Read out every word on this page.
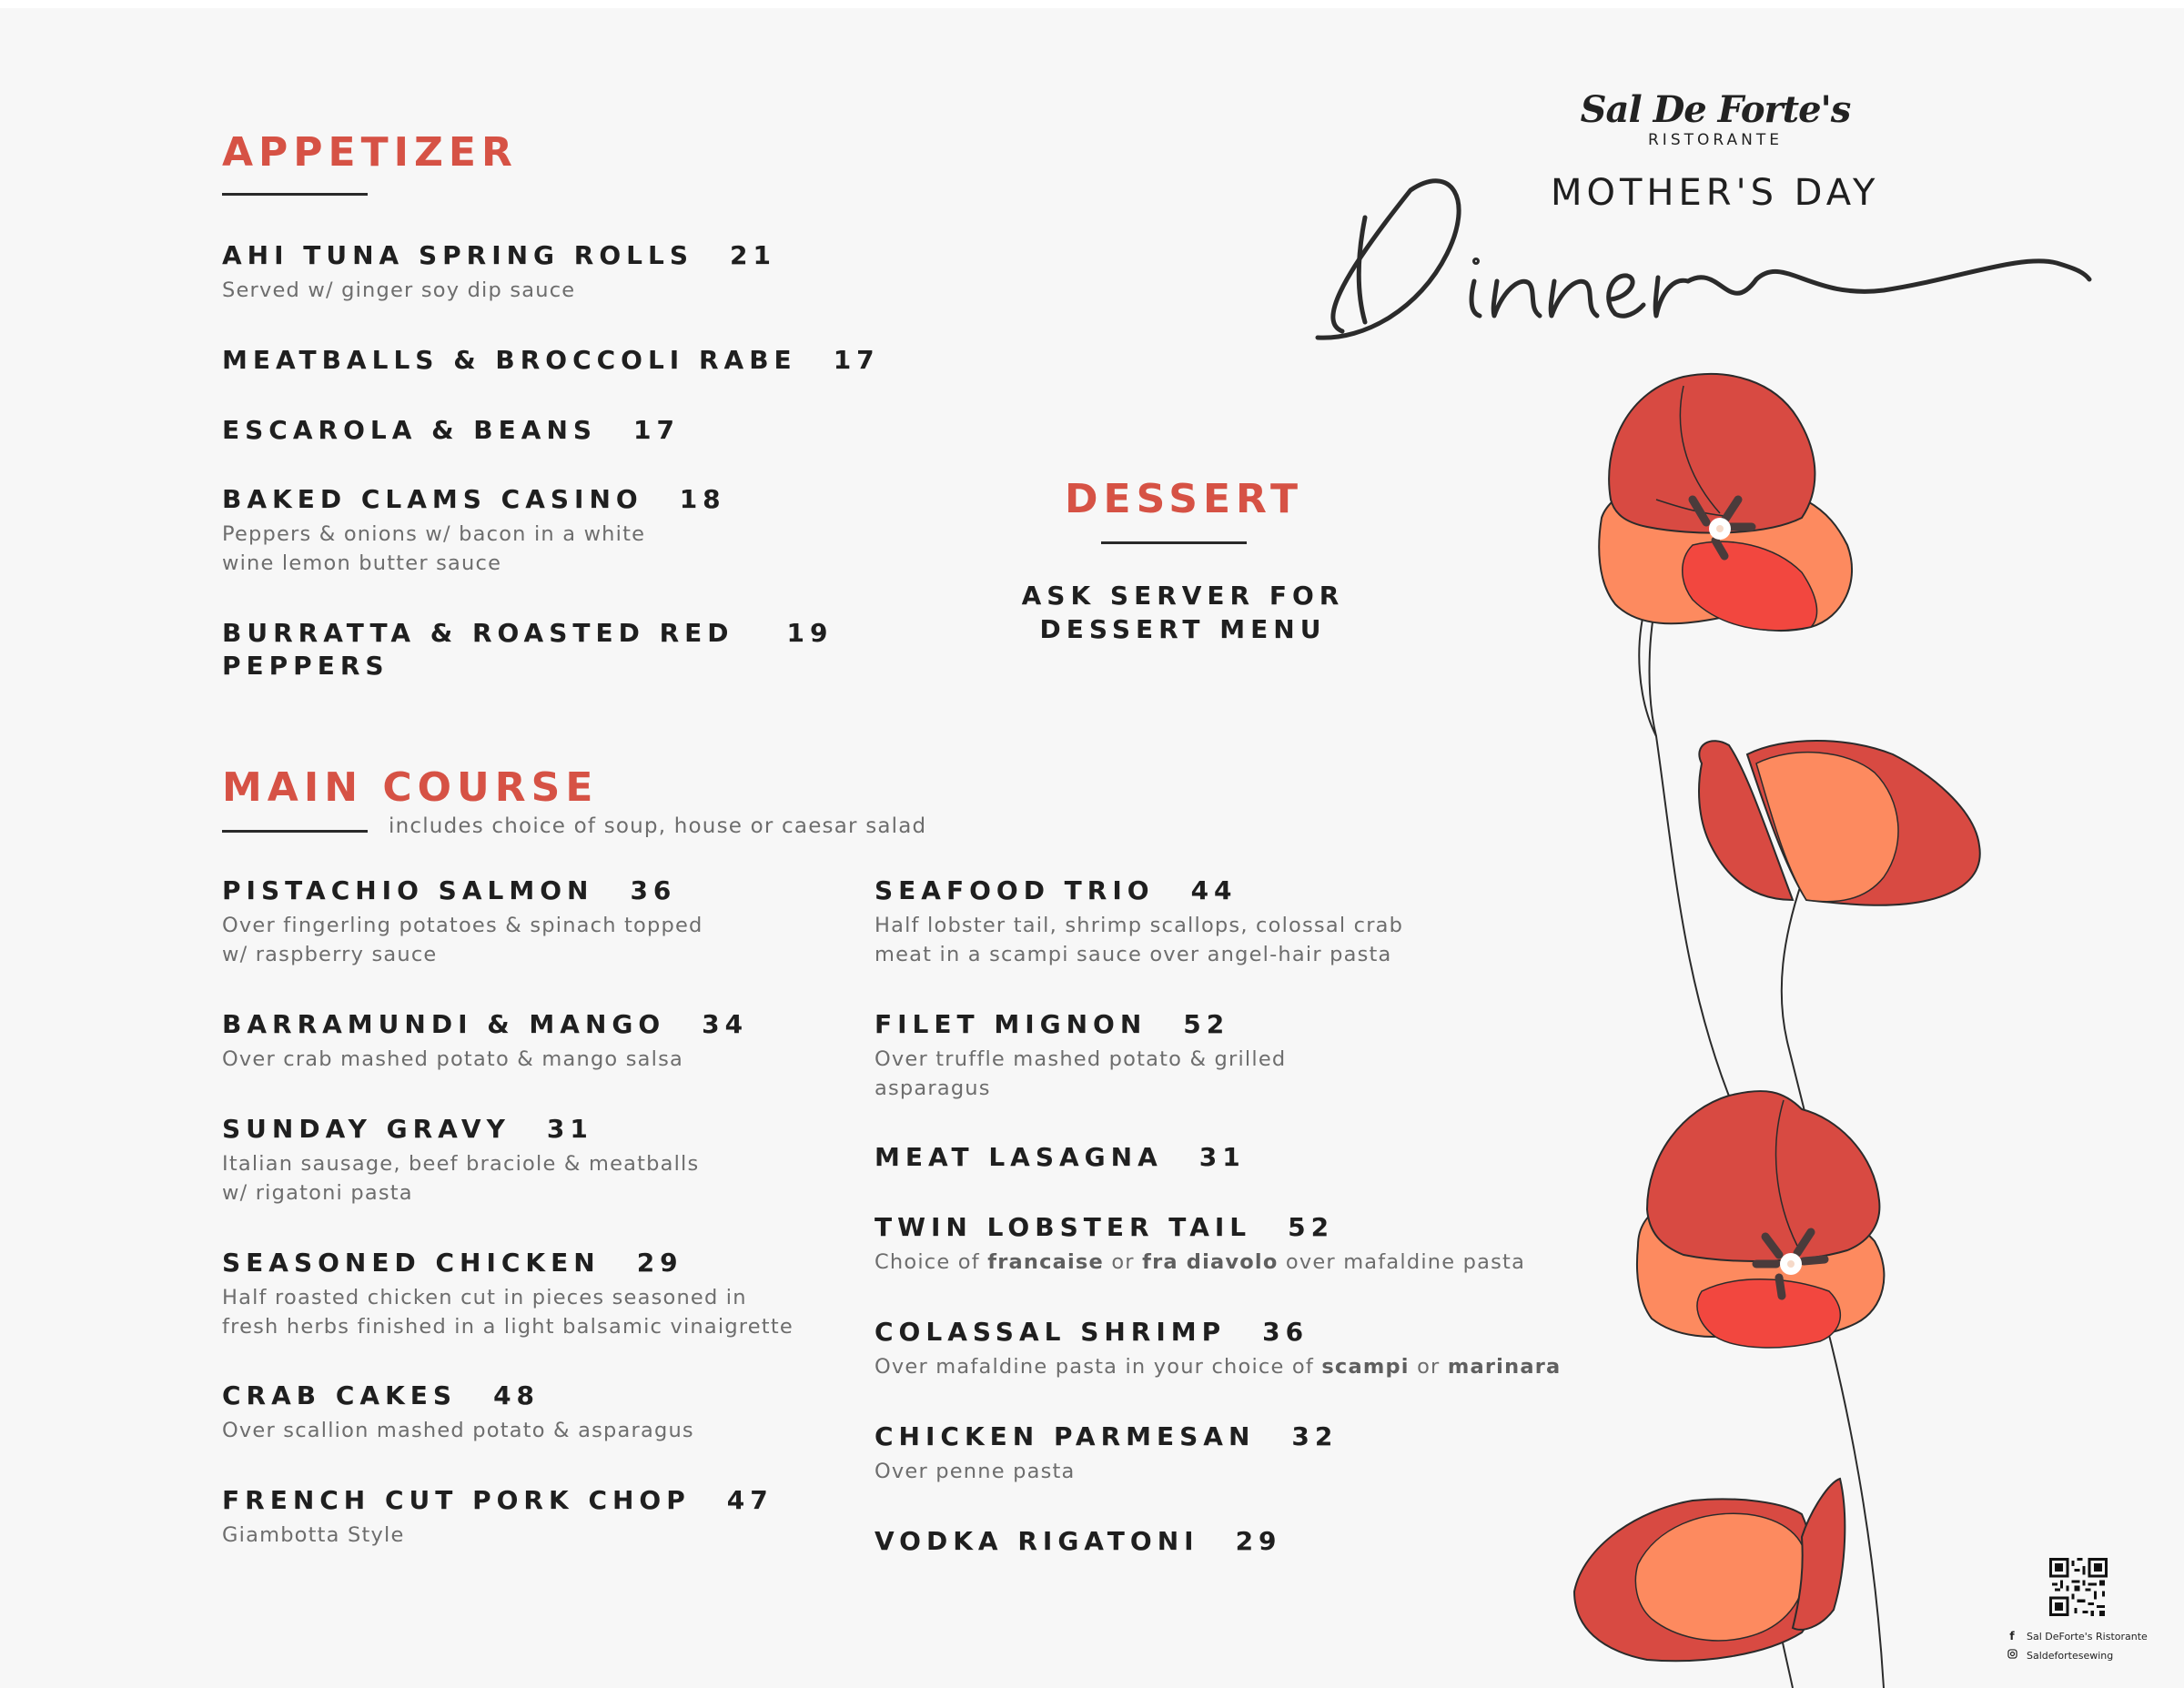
APPETIZER
AHI TUNA SPRING ROLLS 21
Served w/ ginger soy dip sauce
MEATBALLS & BROCCOLI RABE 17
ESCAROLA & BEANS 17
BAKED CLAMS CASINO 18
Peppers & onions w/ bacon in a white
wine lemon butter sauce
BURRATTA & ROASTED RED 19
PEPPERS
DESSERT
ASK SERVER FOR
DESSERT MENU
MAIN COURSE
includes choice of soup, house or caesar salad
PISTACHIO SALMON 36
Over fingerling potatoes & spinach topped
w/ raspberry sauce
BARRAMUNDI & MANGO 34
Over crab mashed potato & mango salsa
SUNDAY GRAVY 31
Italian sausage, beef braciole & meatballs
w/ rigatoni pasta
SEASONED CHICKEN 29
Half roasted chicken cut in pieces seasoned in
fresh herbs finished in a light balsamic vinaigrette
CRAB CAKES 48
Over scallion mashed potato & asparagus
FRENCH CUT PORK CHOP 47
Giambotta Style
SEAFOOD TRIO 44
Half lobster tail, shrimp scallops, colossal crab
meat in a scampi sauce over angel-hair pasta
FILET MIGNON 52
Over truffle mashed potato & grilled
asparagus
MEAT LASAGNA 31
TWIN LOBSTER TAIL 52
Choice of francaise or fra diavolo over mafaldine pasta
COLASSAL SHRIMP 36
Over mafaldine pasta in your choice of scampi or marinara
CHICKEN PARMESAN 32
Over penne pasta
VODKA RIGATONI 29
Sal De Forte's
RISTORANTE
MOTHER'S DAY
f	Sal DeForte's Ristorante
Saldefortesewing
